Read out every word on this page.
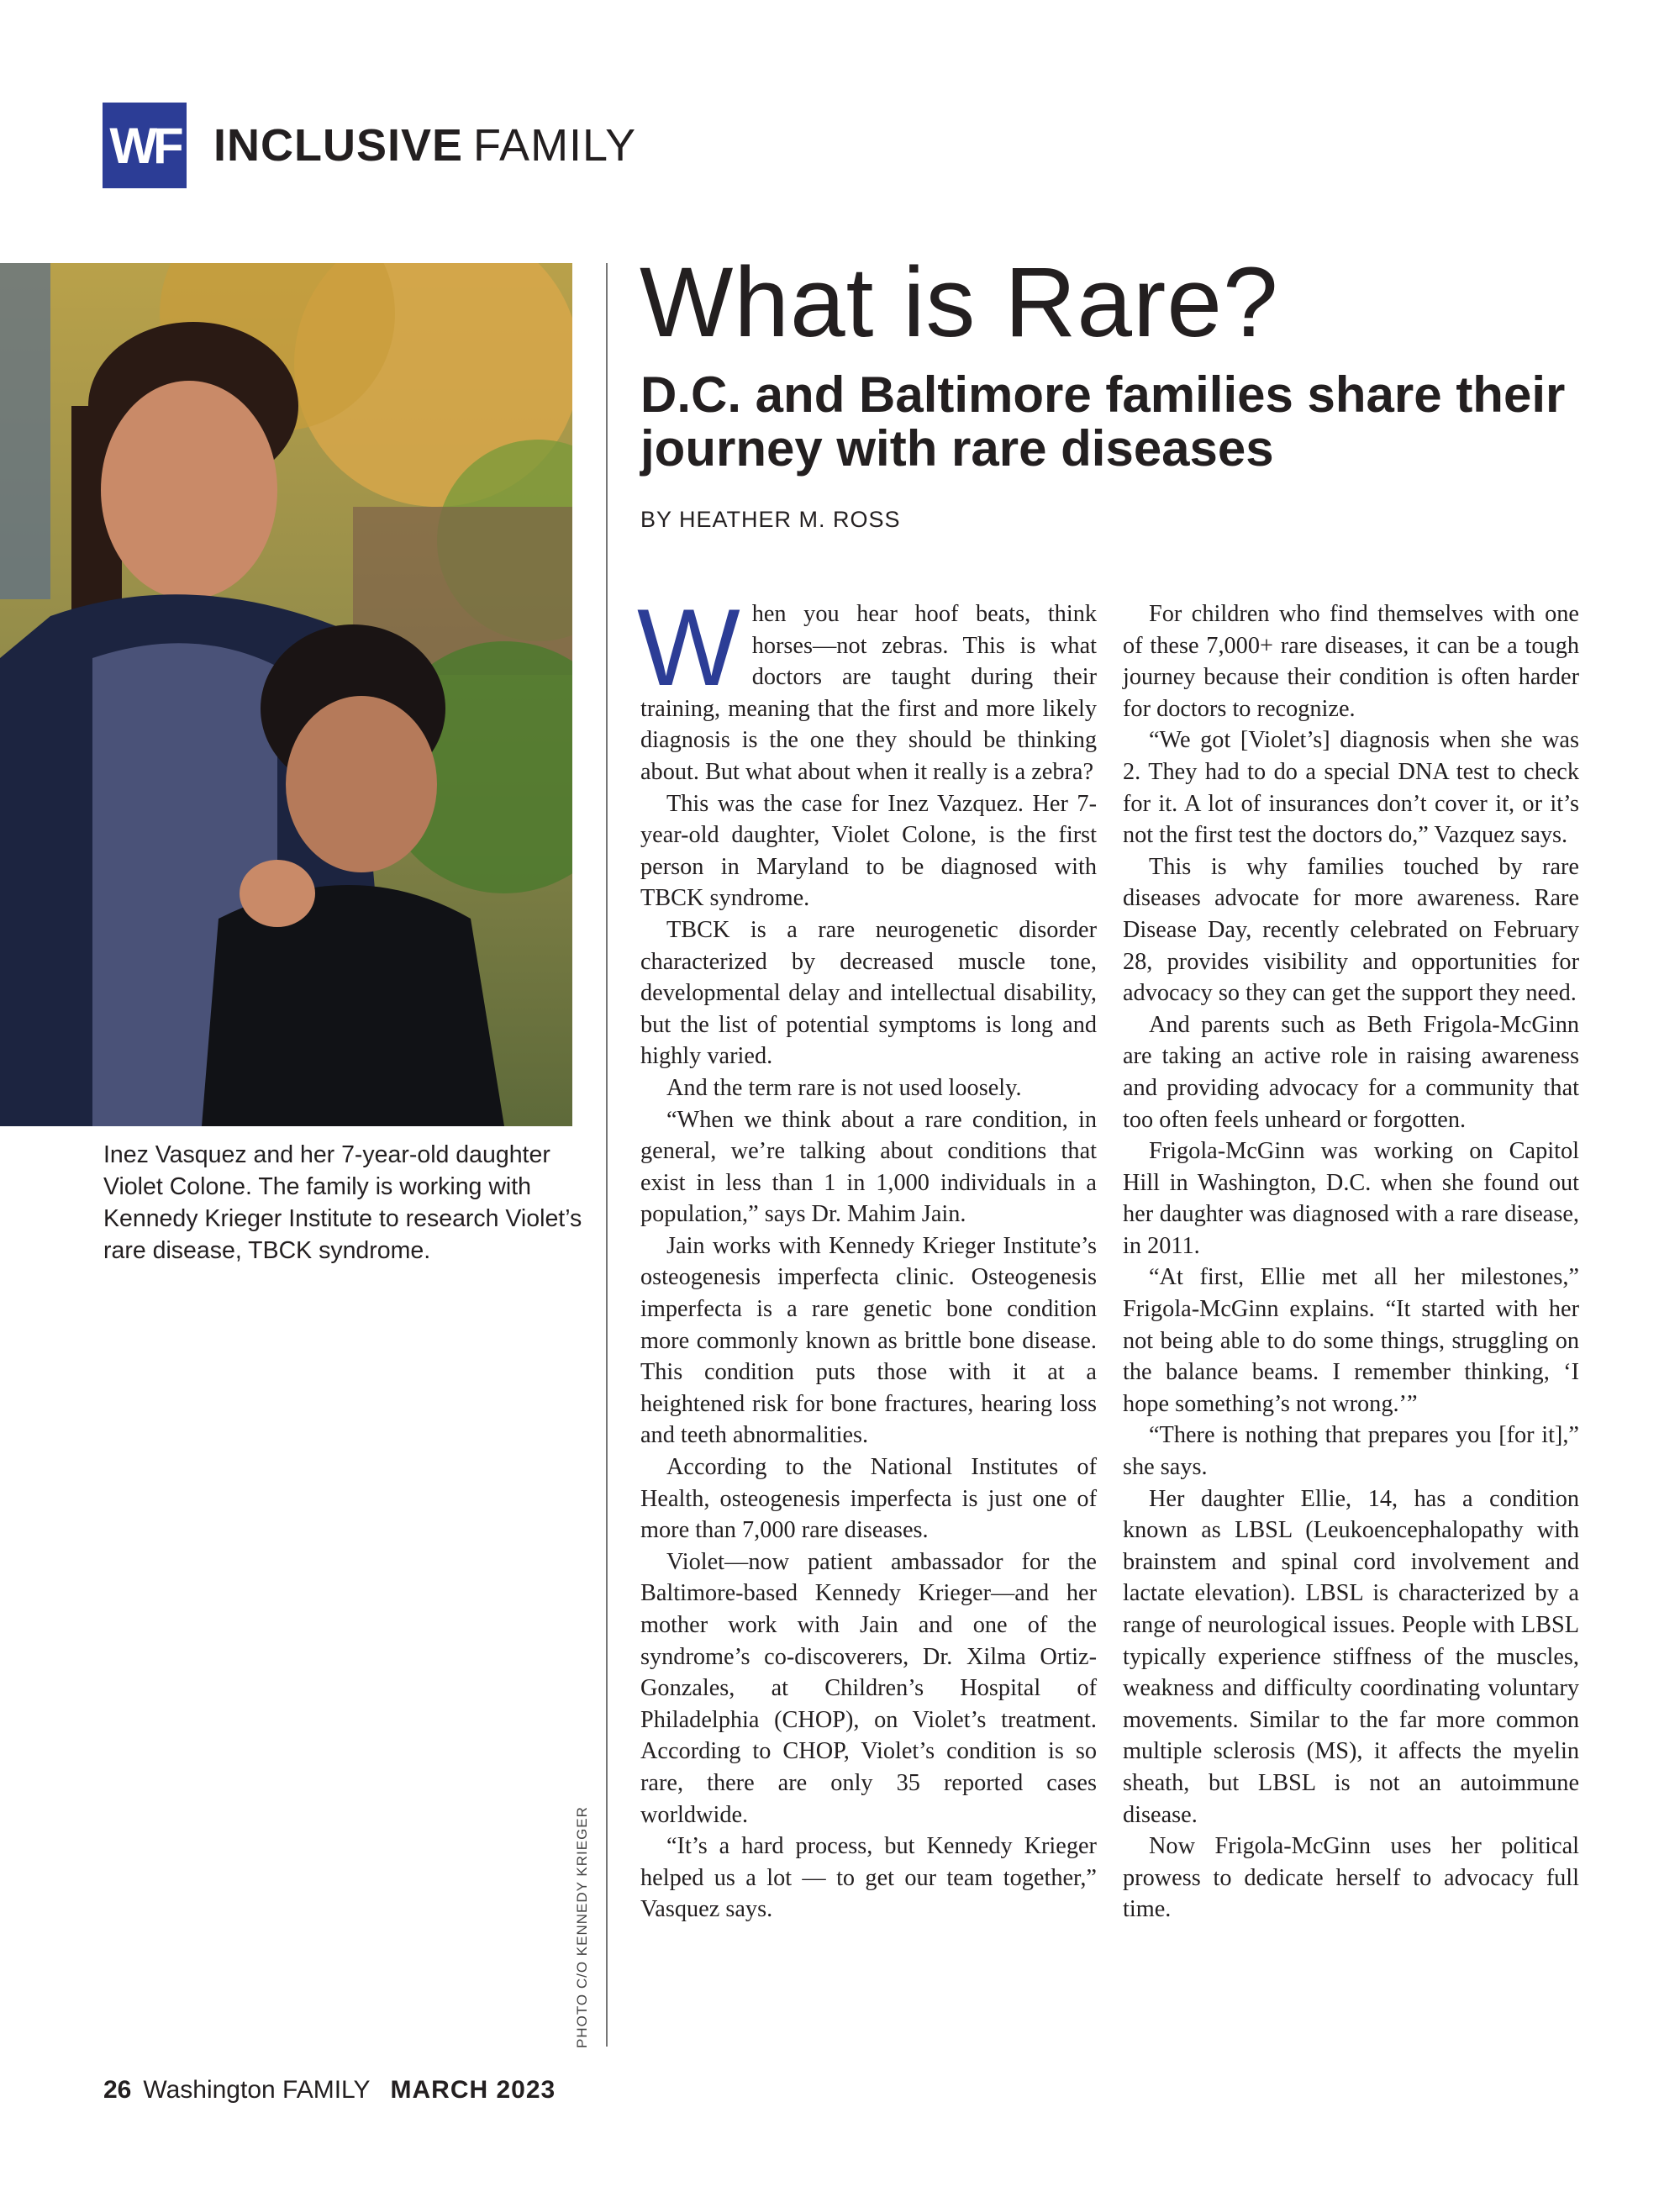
WF INCLUSIVE FAMILY
Inez Vasquez and her 7-year-old daughter Violet Colone. The family is working with Kennedy Krieger Institute to research Violet’s rare disease, TBCK syndrome.
PHOTO C/O KENNEDY KRIEGER
What is Rare?
D.C. and Baltimore families share their journey with rare diseases
BY HEATHER M. ROSS

When you hear hoof beats, think horses—not zebras. This is what doctors are taught during their training, meaning that the first and more likely diagnosis is the one they should be thinking about. But what about when it really is a zebra?

This was the case for Inez Vazquez. Her 7-year-old daughter, Violet Colone, is the first person in Maryland to be diagnosed with TBCK syndrome.

TBCK is a rare neurogenetic disorder characterized by decreased muscle tone, developmental delay and intellectual disability, but the list of potential symptoms is long and highly varied.

And the term rare is not used loosely.

“When we think about a rare condition, in general, we’re talking about conditions that exist in less than 1 in 1,000 individuals in a population,” says Dr. Mahim Jain.

Jain works with Kennedy Krieger Institute’s osteogenesis imperfecta clinic. Osteogenesis imperfecta is a rare genetic bone condition more commonly known as brittle bone disease. This condition puts those with it at a heightened risk for bone fractures, hearing loss and teeth abnormalities.

According to the National Institutes of Health, osteogenesis imperfecta is just one of more than 7,000 rare diseases.

Violet—now patient ambassador for the Baltimore-based Kennedy Krieger—and her mother work with Jain and one of the syndrome’s co-discoverers, Dr. Xilma Ortiz-Gonzales, at Children’s Hospital of Philadelphia (CHOP), on Violet’s treatment. According to CHOP, Violet’s condition is so rare, there are only 35 reported cases worldwide.

“It’s a hard process, but Kennedy Krieger helped us a lot — to get our team together,” Vasquez says.

For children who find themselves with one of these 7,000+ rare diseases, it can be a tough journey because their condition is often harder for doctors to recognize.

“We got [Violet’s] diagnosis when she was 2. They had to do a special DNA test to check for it. A lot of insurances don’t cover it, or it’s not the first test the doctors do,” Vazquez says.

This is why families touched by rare diseases advocate for more awareness. Rare Disease Day, recently celebrated on February 28, provides visibility and opportunities for advocacy so they can get the support they need.

And parents such as Beth Frigola-McGinn are taking an active role in raising awareness and providing advocacy for a community that too often feels unheard or forgotten.

Frigola-McGinn was working on Capitol Hill in Washington, D.C. when she found out her daughter was diagnosed with a rare disease, in 2011.

“At first, Ellie met all her milestones,” Frigola-McGinn explains. “It started with her not being able to do some things, struggling on the balance beams. I remember thinking, ‘I hope something’s not wrong.’”

“There is nothing that prepares you [for it],” she says.

Her daughter Ellie, 14, has a condition known as LBSL (Leukoencephalopathy with brainstem and spinal cord involvement and lactate elevation). LBSL is characterized by a range of neurological issues. People with LBSL typically experience stiffness of the muscles, weakness and difficulty coordinating voluntary movements. Similar to the far more common multiple sclerosis (MS), it affects the myelin sheath, but LBSL is not an autoimmune disease.

Now Frigola-McGinn uses her political prowess to dedicate herself to advocacy full time.

26 Washington FAMILY MARCH 2023
